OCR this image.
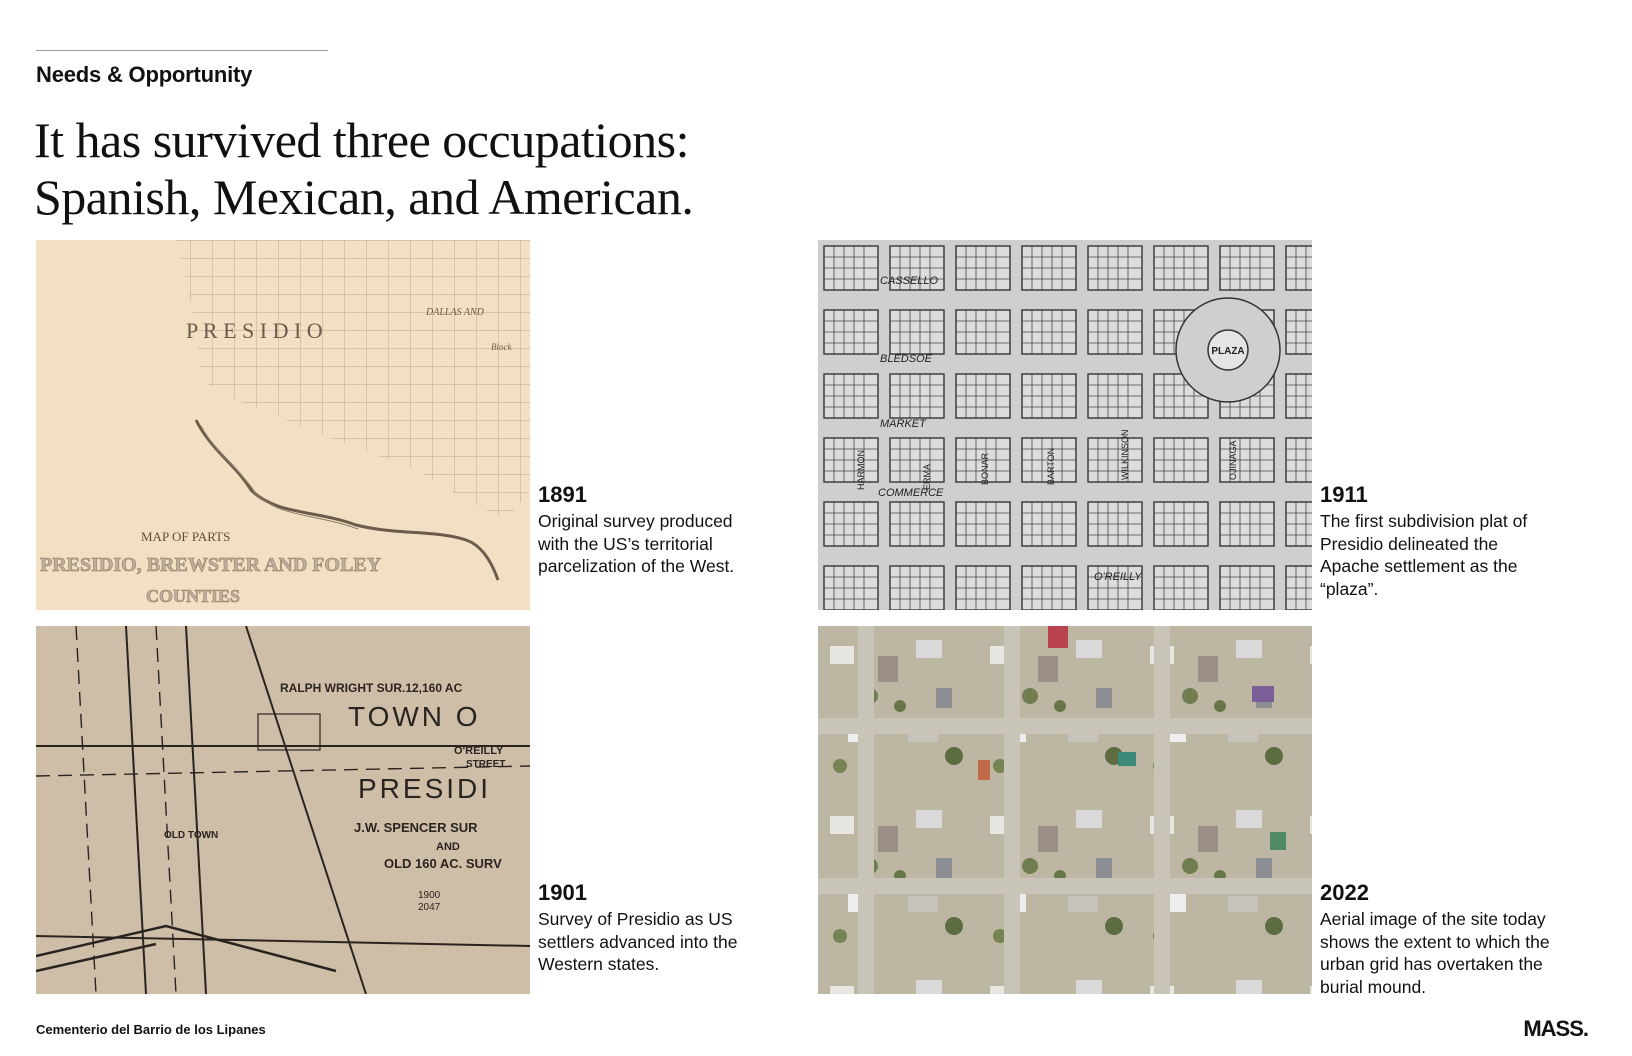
Needs & Opportunity
It has survived three occupations:
Spanish, Mexican, and American.
P R E S I D I O
DALLAS AND
Block
MAP OF PARTS
PRESIDIO, BREWSTER AND FOLEY
COUNTIES
1891
Original survey produced with the US’s territorial parcelization of the West.
PLAZA
CASSELLO
BLEDSOE
MARKET
COMMERCE
O'REILLY
HARMON	ERMA	BONAR	BARTON	WILKINSON	OJINAGA
1911
The first subdivision plat of Presidio delineated the Apache settlement as the “plaza”.
RALPH WRIGHT SUR.12,160 AC
TOWN O
O'REILLY
STREET
PRESIDI
J.W. SPENCER SUR
AND
OLD 160 AC. SURV
OLD TOWN
1900
2047
1901
Survey of Presidio as US settlers advanced into the Western states.
2022
Aerial image of the site today shows the extent to which the urban grid has overtaken the burial mound.
Cementerio del Barrio de los Lipanes	MASS.
